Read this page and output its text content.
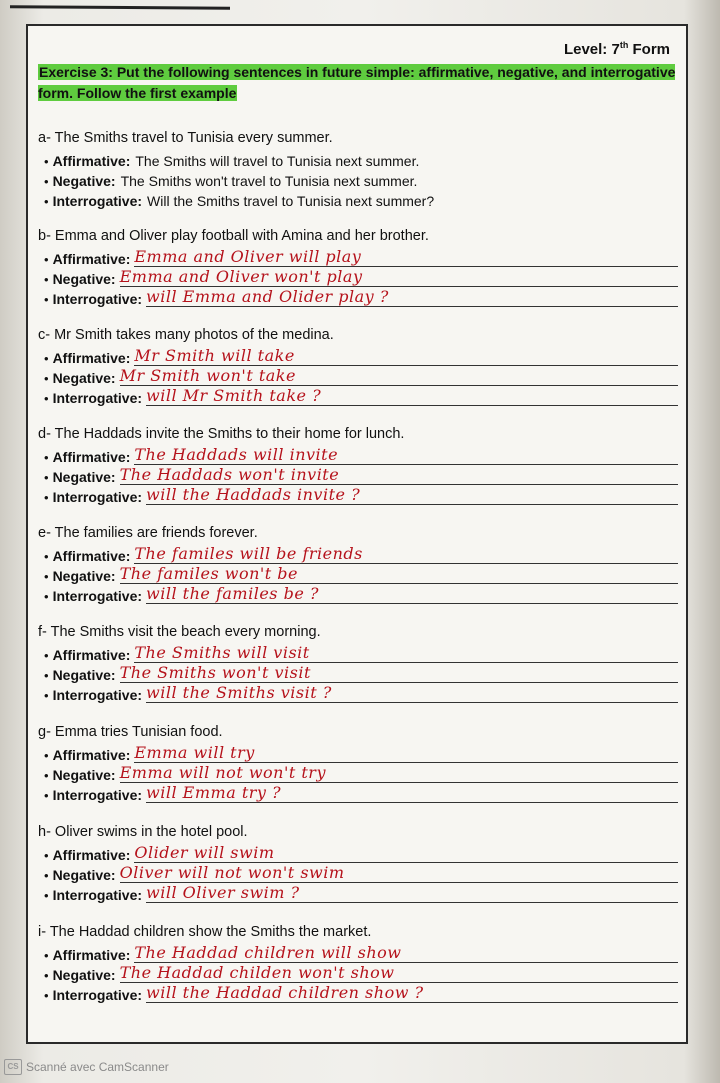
Level: 7th Form
Exercise 3: Put the following sentences in future simple: affirmative, negative, and interrogative form. Follow the first example
a- The Smiths travel to Tunisia every summer.
• Affirmative: The Smiths will travel to Tunisia next summer.
• Negative: The Smiths won't travel to Tunisia next summer.
• Interrogative: Will the Smiths travel to Tunisia next summer?
b- Emma and Oliver play football with Amina and her brother.
• Affirmative: Emma and Oliver will play
• Negative: Emma and Oliver won't play
• Interrogative: will Emma and Olider play ?
c- Mr Smith takes many photos of the medina.
• Affirmative: Mr Smith will take
• Negative: Mr Smith won't take
• Interrogative: will Mr Smith take ?
d- The Haddads invite the Smiths to their home for lunch.
• Affirmative: The Haddads will invite
• Negative: The Haddads won't invite
• Interrogative: will the Haddads invite ?
e- The families are friends forever.
• Affirmative: The familes will be friends
• Negative: The familes won't be
• Interrogative: will the familes be ?
f- The Smiths visit the beach every morning.
• Affirmative: The Smiths will visit
• Negative: The Smiths won't visit
• Interrogative: will the Smiths visit ?
g- Emma tries Tunisian food.
• Affirmative: Emma will try
• Negative: Emma will not won't try
• Interrogative: will Emma try ?
h- Oliver swims in the hotel pool.
• Affirmative: Olider will swim
• Negative: Oliver will not won't swim
• Interrogative: will Oliver swim ?
i- The Haddad children show the Smiths the market.
• Affirmative: The Haddad children will show
• Negative: The Haddad childen won't show
• Interrogative: will the Haddad children show ?
CS Scanné avec CamScanner
